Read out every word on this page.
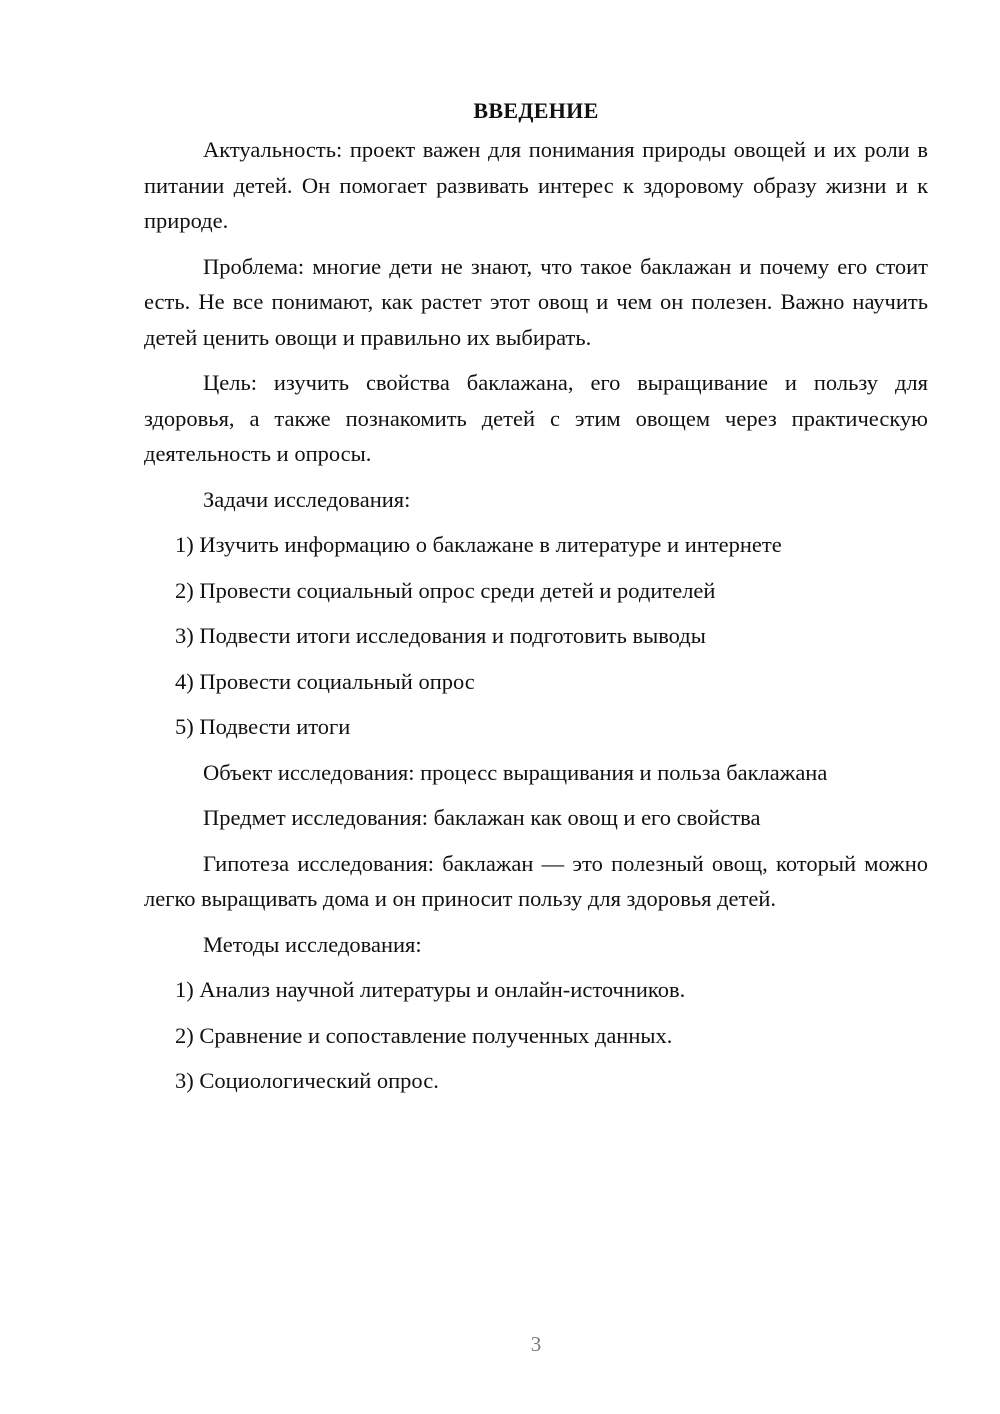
ВВЕДЕНИЕ

Актуальность: проект важен для понимания природы овощей и их роли в питании детей. Он помогает развивать интерес к здоровому образу жизни и к природе.

Проблема: многие дети не знают, что такое баклажан и почему его стоит есть. Не все понимают, как растет этот овощ и чем он полезен. Важно научить детей ценить овощи и правильно их выбирать.

Цель: изучить свойства баклажана, его выращивание и пользу для здоровья, а также познакомить детей с этим овощем через практическую деятельность и опросы.

Задачи исследования:
1) Изучить информацию о баклажане в литературе и интернете
2) Провести социальный опрос среди детей и родителей
3) Подвести итоги исследования и подготовить выводы
4) Провести социальный опрос
5) Подвести итоги
Объект исследования: процесс выращивания и польза баклажана
Предмет исследования: баклажан как овощ и его свойства

Гипотеза исследования: баклажан — это полезный овощ, который можно легко выращивать дома и он приносит пользу для здоровья детей.

Методы исследования:
1) Анализ научной литературы и онлайн-источников.
2) Сравнение и сопоставление полученных данных.
3) Социологический опрос.
3
